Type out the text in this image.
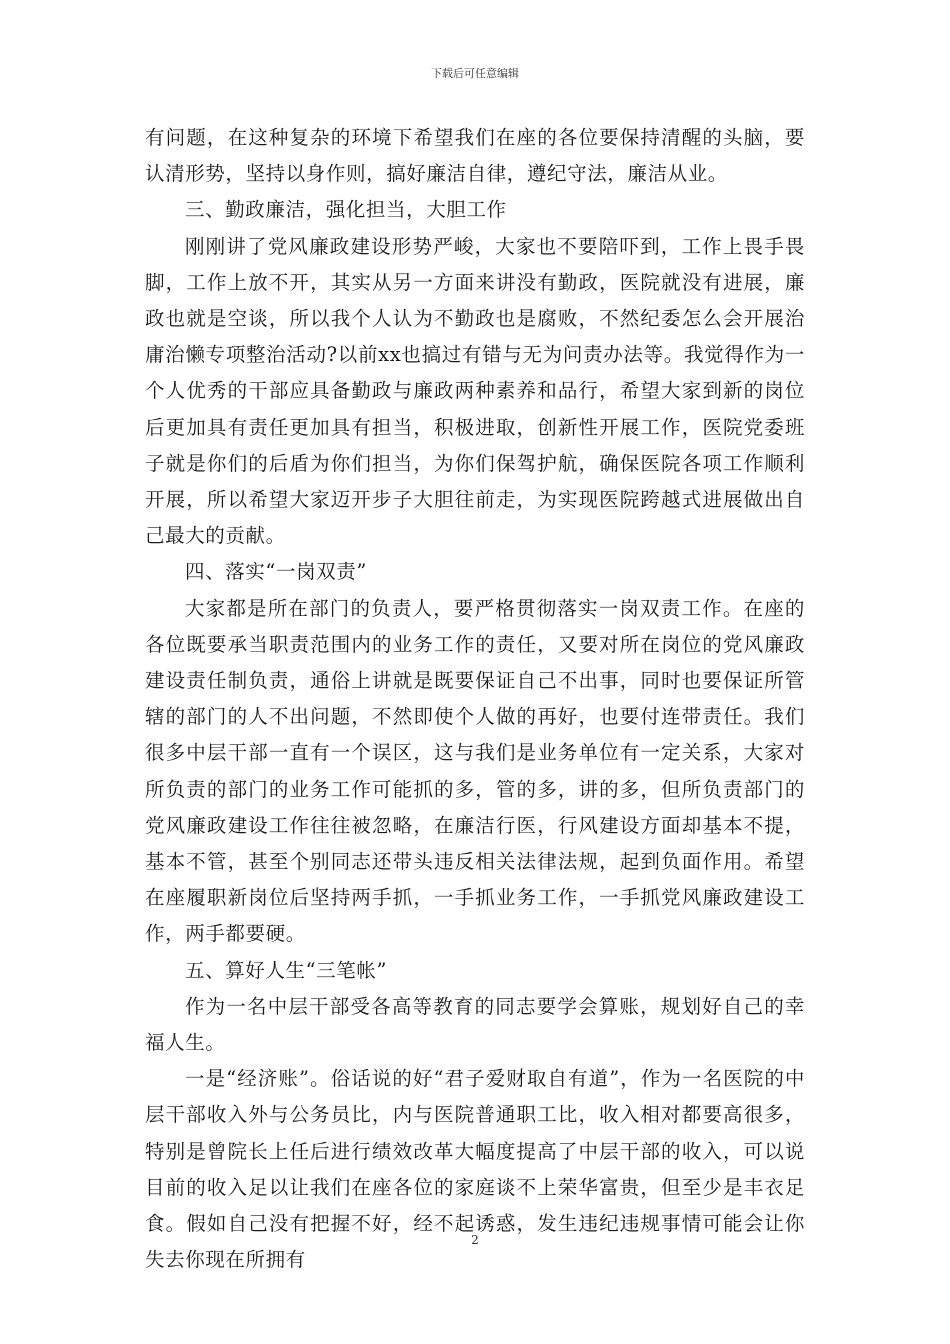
下载后可任意编辑

有问题，在这种复杂的环境下希望我们在座的各位要保持清醒的头脑，要认清形势，坚持以身作则，搞好廉洁自律，遵纪守法，廉洁从业。

三、勤政廉洁，强化担当，大胆工作

刚刚讲了党风廉政建设形势严峻，大家也不要陪吓到，工作上畏手畏脚，工作上放不开，其实从另一方面来讲没有勤政，医院就没有进展，廉政也就是空谈，所以我个人认为不勤政也是腐败，不然纪委怎么会开展治庸治懒专项整治活动?以前xx也搞过有错与无为问责办法等。我觉得作为一个人优秀的干部应具备勤政与廉政两种素养和品行，希望大家到新的岗位后更加具有责任更加具有担当，积极进取，创新性开展工作，医院党委班子就是你们的后盾为你们担当，为你们保驾护航，确保医院各项工作顺利开展，所以希望大家迈开步子大胆往前走，为实现医院跨越式进展做出自己最大的贡献。

四、落实“一岗双责”

大家都是所在部门的负责人，要严格贯彻落实一岗双责工作。在座的各位既要承当职责范围内的业务工作的责任，又要对所在岗位的党风廉政建设责任制负责，通俗上讲就是既要保证自己不出事，同时也要保证所管辖的部门的人不出问题，不然即使个人做的再好，也要付连带责任。我们很多中层干部一直有一个误区，这与我们是业务单位有一定关系，大家对所负责的部门的业务工作可能抓的多，管的多，讲的多，但所负责部门的党风廉政建设工作往往被忽略，在廉洁行医，行风建设方面却基本不提，基本不管，甚至个别同志还带头违反相关法律法规，起到负面作用。希望在座履职新岗位后坚持两手抓，一手抓业务工作，一手抓党风廉政建设工作，两手都要硬。

五、算好人生“三笔帐”

作为一名中层干部受各高等教育的同志要学会算账，规划好自己的幸福人生。

一是“经济账”。俗话说的好“君子爱财取自有道”，作为一名医院的中层干部收入外与公务员比，内与医院普通职工比，收入相对都要高很多，特别是曾院长上任后进行绩效改革大幅度提高了中层干部的收入，可以说目前的收入足以让我们在座各位的家庭谈不上荣华富贵，但至少是丰衣足食。假如自己没有把握不好，经不起诱惑，发生违纪违规事情可能会让你失去你现在所拥有

2
